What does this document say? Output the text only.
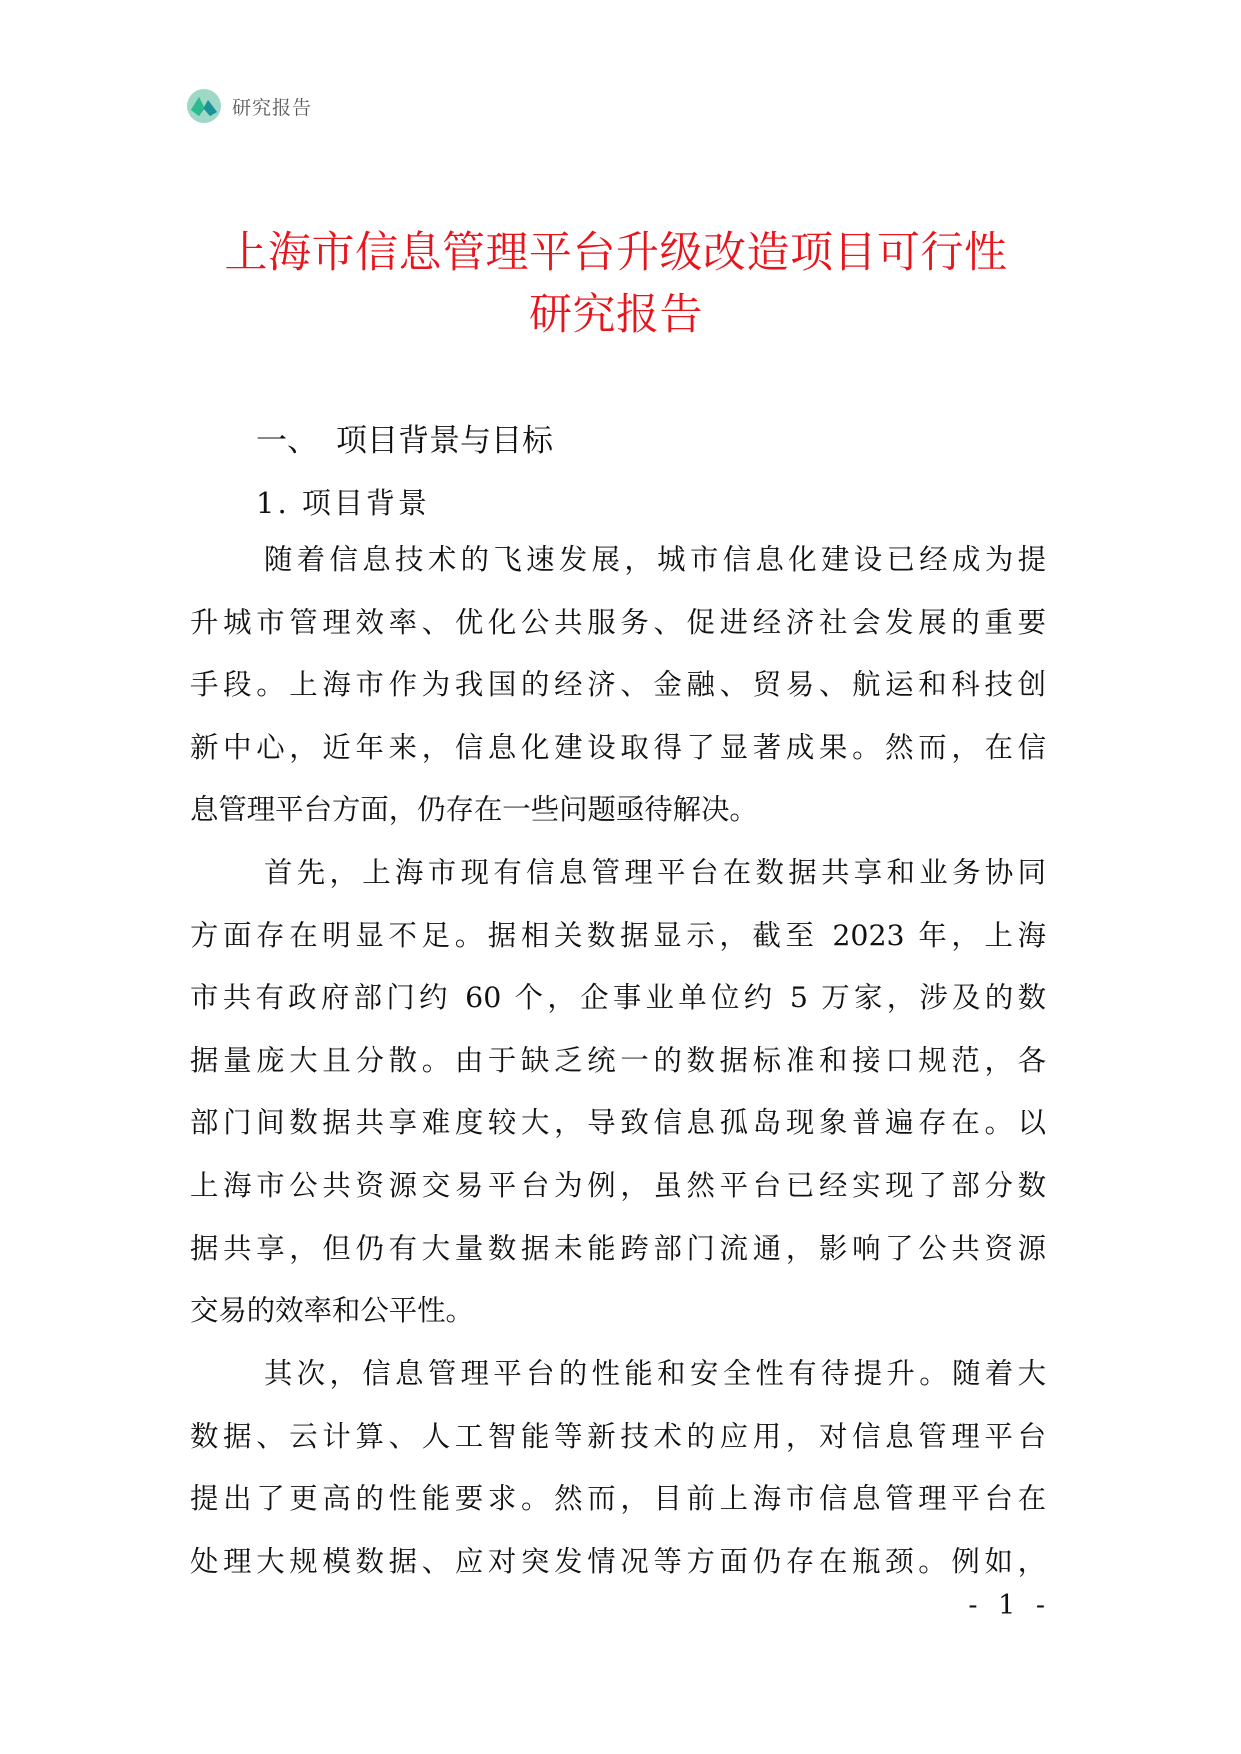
研究报告
上海市信息管理平台升级改造项目可行性
研究报告
一、 项目背景与目标
1. 项目背景
随着信息技术的飞速发展，城市信息化建设已经成为提
升城市管理效率、优化公共服务、促进经济社会发展的重要
手段。上海市作为我国的经济、金融、贸易、航运和科技创
新中心，近年来，信息化建设取得了显著成果。然而，在信
息管理平台方面，仍存在一些问题亟待解决。
首先，上海市现有信息管理平台在数据共享和业务协同
方面存在明显不足。据相关数据显示，截至 2023 年，上海
市共有政府部门约 60 个，企事业单位约 5 万家，涉及的数
据量庞大且分散。由于缺乏统一的数据标准和接口规范，各
部门间数据共享难度较大，导致信息孤岛现象普遍存在。以
上海市公共资源交易平台为例，虽然平台已经实现了部分数
据共享，但仍有大量数据未能跨部门流通，影响了公共资源
交易的效率和公平性。
其次，信息管理平台的性能和安全性有待提升。随着大
数据、云计算、人工智能等新技术的应用，对信息管理平台
提出了更高的性能要求。然而，目前上海市信息管理平台在
处理大规模数据、应对突发情况等方面仍存在瓶颈。例如，
- 1 -
